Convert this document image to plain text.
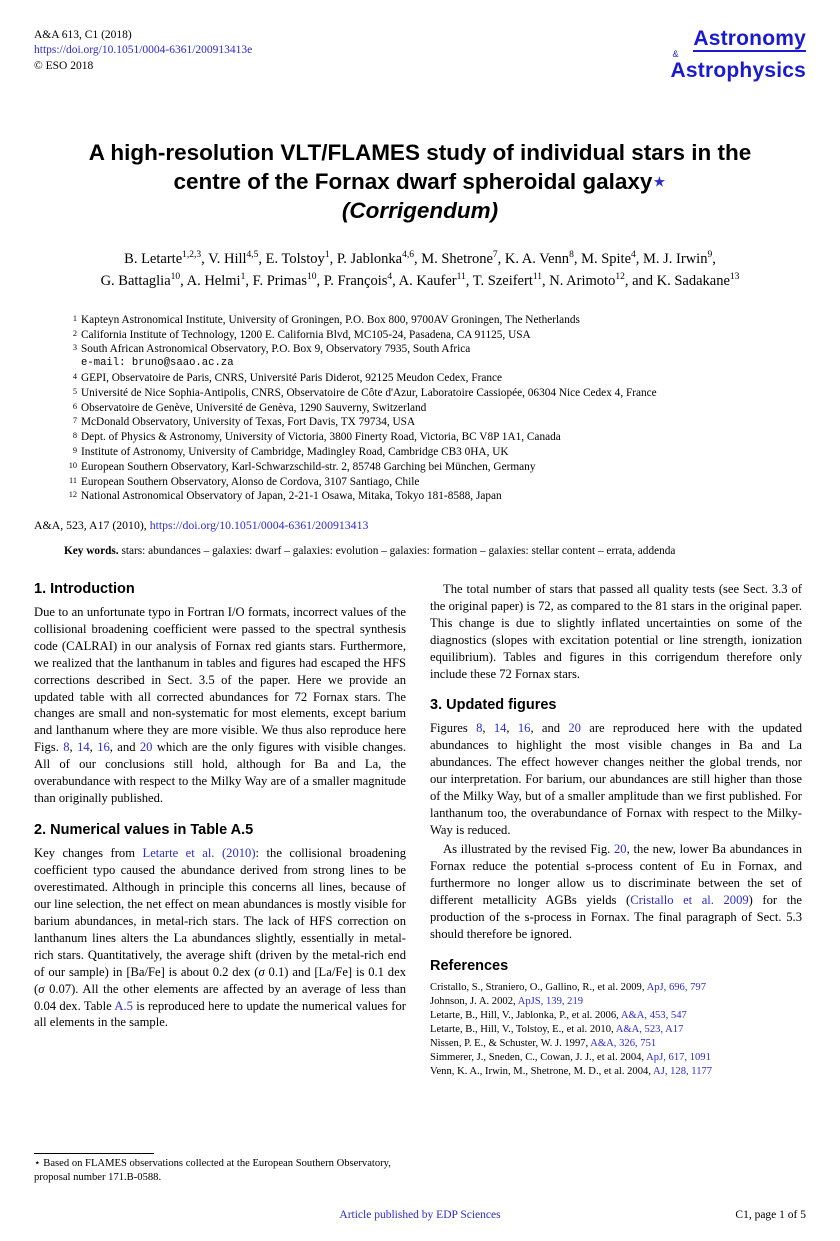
A&A 613, C1 (2018)
https://doi.org/10.1051/0004-6361/200913413e
© ESO 2018
Astronomy
&
Astrophysics
A high-resolution VLT/FLAMES study of individual stars in the
centre of the Fornax dwarf spheroidal galaxy⋆
(Corrigendum)
B. Letarte$^{1,2,3}$, V. Hill$^{4,5}$, E. Tolstoy$^1$, P. Jablonka$^{4,6}$, M. Shetrone$^7$, K. A. Venn$^8$, M. Spite$^4$, M. J. Irwin$^9$,
G. Battaglia$^{10}$, A. Helmi$^1$, F. Primas$^{10}$, P. François$^4$, A. Kaufer$^{11}$, T. Szeifert$^{11}$, N. Arimoto$^{12}$, and K. Sadakane$^{13}$
1 Kapteyn Astronomical Institute, University of Groningen, P.O. Box 800, 9700AV Groningen, The Netherlands
2 California Institute of Technology, 1200 E. California Blvd, MC105-24, Pasadena, CA 91125, USA
3 South African Astronomical Observatory, P.O. Box 9, Observatory 7935, South Africa
e-mail: bruno@saao.ac.za
4 GEPI, Observatoire de Paris, CNRS, Université Paris Diderot, 92125 Meudon Cedex, France
5 Université de Nice Sophia-Antipolis, CNRS, Observatoire de Côte d'Azur, Laboratoire Cassiopée, 06304 Nice Cedex 4, France
6 Observatoire de Genève, Université de Genèva, 1290 Sauverny, Switzerland
7 McDonald Observatory, University of Texas, Fort Davis, TX 79734, USA
8 Dept. of Physics & Astronomy, University of Victoria, 3800 Finerty Road, Victoria, BC V8P 1A1, Canada
9 Institute of Astronomy, University of Cambridge, Madingley Road, Cambridge CB3 0HA, UK
10 European Southern Observatory, Karl-Schwarzschild-str. 2, 85748 Garching bei München, Germany
11 European Southern Observatory, Alonso de Cordova, 3107 Santiago, Chile
12 National Astronomical Observatory of Japan, 2-21-1 Osawa, Mitaka, Tokyo 181-8588, Japan
A&A, 523, A17 (2010), https://doi.org/10.1051/0004-6361/200913413
Key words. stars: abundances – galaxies: dwarf – galaxies: evolution – galaxies: formation – galaxies: stellar content – errata, addenda
1. Introduction

Due to an unfortunate typo in Fortran I/O formats, incorrect values of the collisional broadening coefficient were passed to the spectral synthesis code (CALRAI) in our analysis of Fornax red giants stars. Furthermore, we realized that the lanthanum in tables and figures had escaped the HFS corrections described in Sect. 3.5 of the paper. Here we provide an updated table with all corrected abundances for 72 Fornax stars. The changes are small and non-systematic for most elements, except barium and lanthanum where they are more visible. We thus also reproduce here Figs. 8, 14, 16, and 20 which are the only figures with visible changes. All of our conclusions still hold, although for Ba and La, the overabundance with respect to the Milky Way are of a smaller magnitude than originally published.

2. Numerical values in Table A.5

Key changes from Letarte et al. (2010): the collisional broadening coefficient typo caused the abundance derived from strong lines to be overestimated. Although in principle this concerns all lines, because of our line selection, the net effect on mean abundances is mostly visible for barium abundances, in metal-rich stars. The lack of HFS correction on lanthanum lines alters the La abundances slightly, essentially in metal-rich stars. Quantitatively, the average shift (driven by the metal-rich end of our sample) in [Ba/Fe] is about 0.2 dex (σ 0.1) and [La/Fe] is 0.1 dex (σ 0.07). All the other elements are affected by an average of less than 0.04 dex. Table A.5 is reproduced here to update the numerical values for all elements in the sample.

The total number of stars that passed all quality tests (see Sect. 3.3 of the original paper) is 72, as compared to the 81 stars in the original paper. This change is due to slightly inflated uncertainties on some of the diagnostics (slopes with excitation potential or line strength, ionization equilibrium). Tables and figures in this corrigendum therefore only include these 72 Fornax stars.

3. Updated figures

Figures 8, 14, 16, and 20 are reproduced here with the updated abundances to highlight the most visible changes in Ba and La abundances. The effect however changes neither the global trends, nor our interpretation. For barium, our abundances are still higher than those of the Milky Way, but of a smaller amplitude than we first published. For lanthanum too, the overabundance of Fornax with respect to the Milky-Way is reduced.

As illustrated by the revised Fig. 20, the new, lower Ba abundances in Fornax reduce the potential s-process content of Eu in Fornax, and furthermore no longer allow us to discriminate between the set of different metallicity AGBs yields (Cristallo et al. 2009) for the production of the s-process in Fornax. The final paragraph of Sect. 5.3 should therefore be ignored.

References
Cristallo, S., Straniero, O., Gallino, R., et al. 2009, ApJ, 696, 797
Johnson, J. A. 2002, ApJS, 139, 219
Letarte, B., Hill, V., Jablonka, P., et al. 2006, A&A, 453, 547
Letarte, B., Hill, V., Tolstoy, E., et al. 2010, A&A, 523, A17
Nissen, P. E., & Schuster, W. J. 1997, A&A, 326, 751
Simmerer, J., Sneden, C., Cowan, J. J., et al. 2004, ApJ, 617, 1091
Venn, K. A., Irwin, M., Shetrone, M. D., et al. 2004, AJ, 128, 1177
⋆ Based on FLAMES observations collected at the European Southern Observatory, proposal number 171.B-0588.
Article published by EDP Sciences	C1, page 1 of 5
